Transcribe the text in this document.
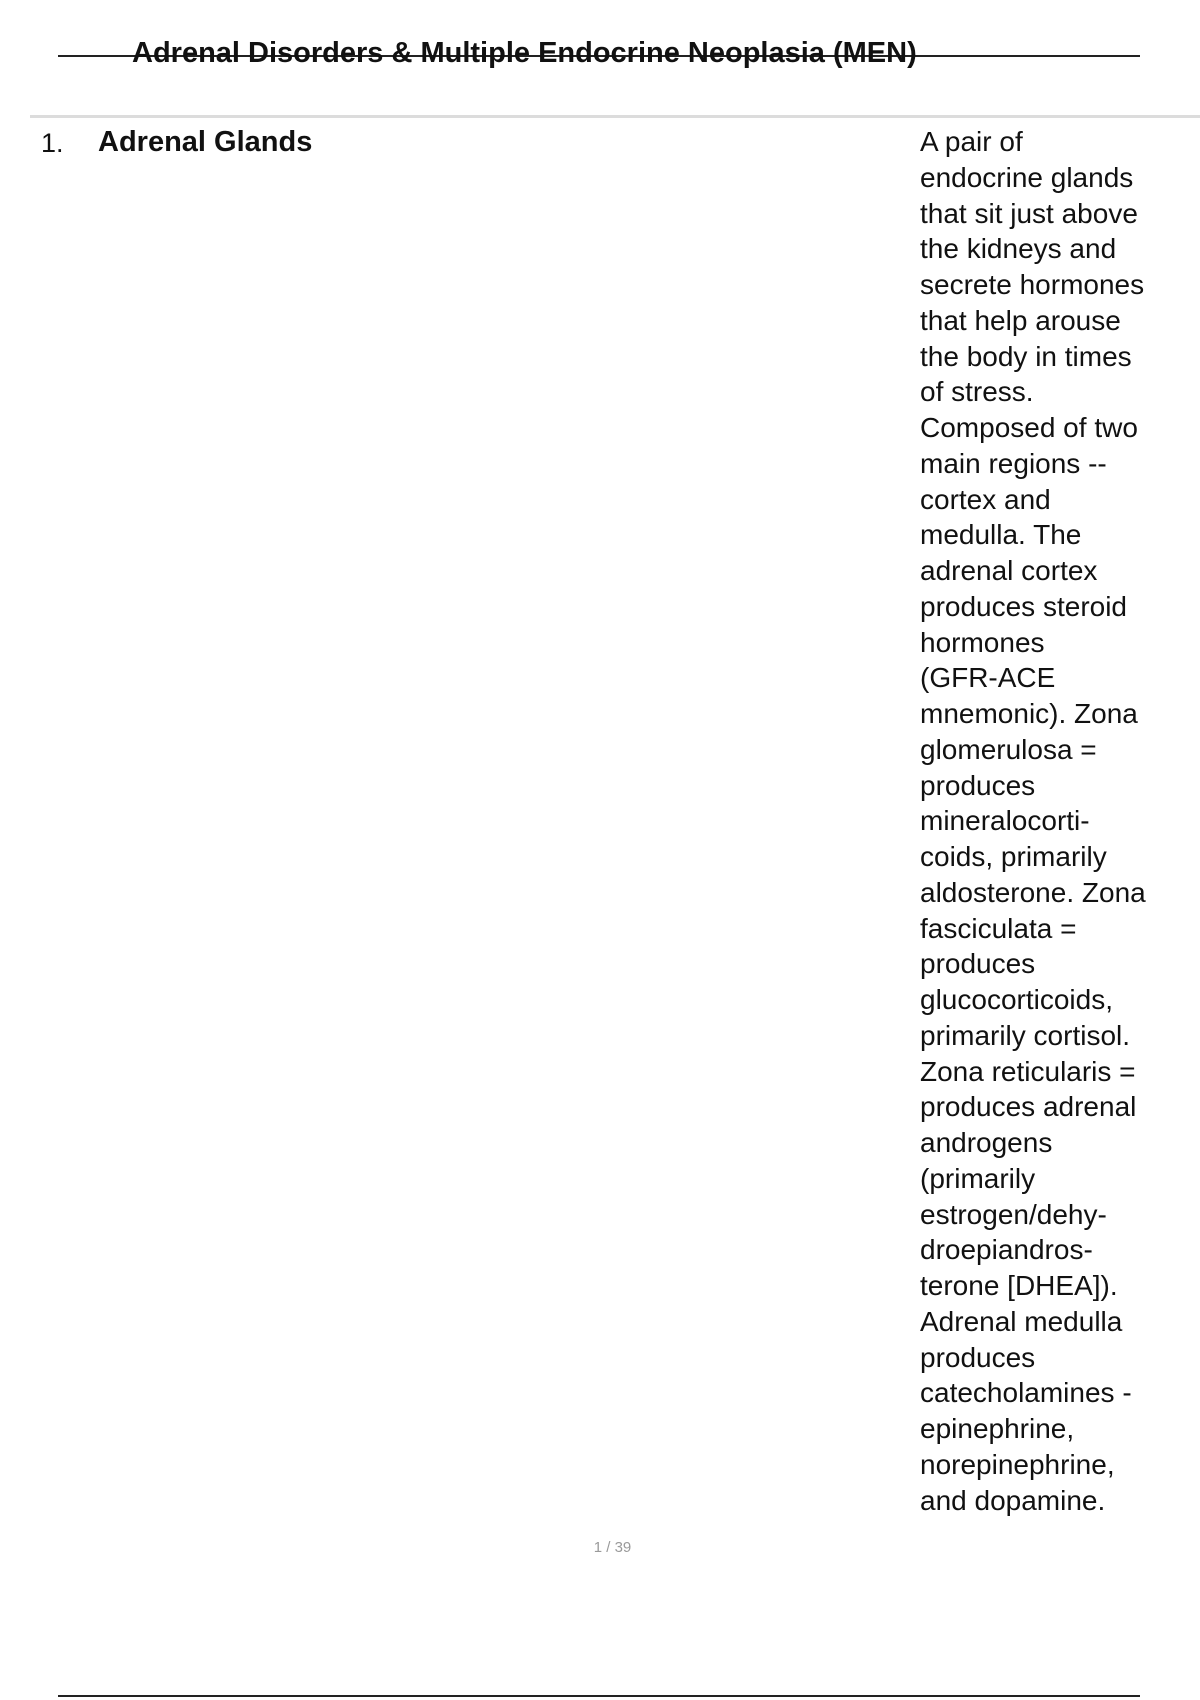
Adrenal Disorders & Multiple Endocrine Neoplasia (MEN)
1. Adrenal Glands	A pair of
endocrine glands
that sit just above
the kidneys and
secrete hormones
that help arouse
the body in times
of stress.
Composed of two
main regions --
cortex and
medulla. The
adrenal cortex
produces steroid
hormones
(GFR-ACE
mnemonic). Zona
glomerulosa =
produces
mineralocorti-
coids, primarily
aldosterone. Zona
fasciculata =
produces
glucocorticoids,
primarily cortisol.
Zona reticularis =
produces adrenal
androgens
(primarily
estrogen/dehy-
droepiandros-
terone [DHEA]).
Adrenal medulla
produces
catecholamines -
epinephrine,
norepinephrine,
and dopamine.
1 / 39
